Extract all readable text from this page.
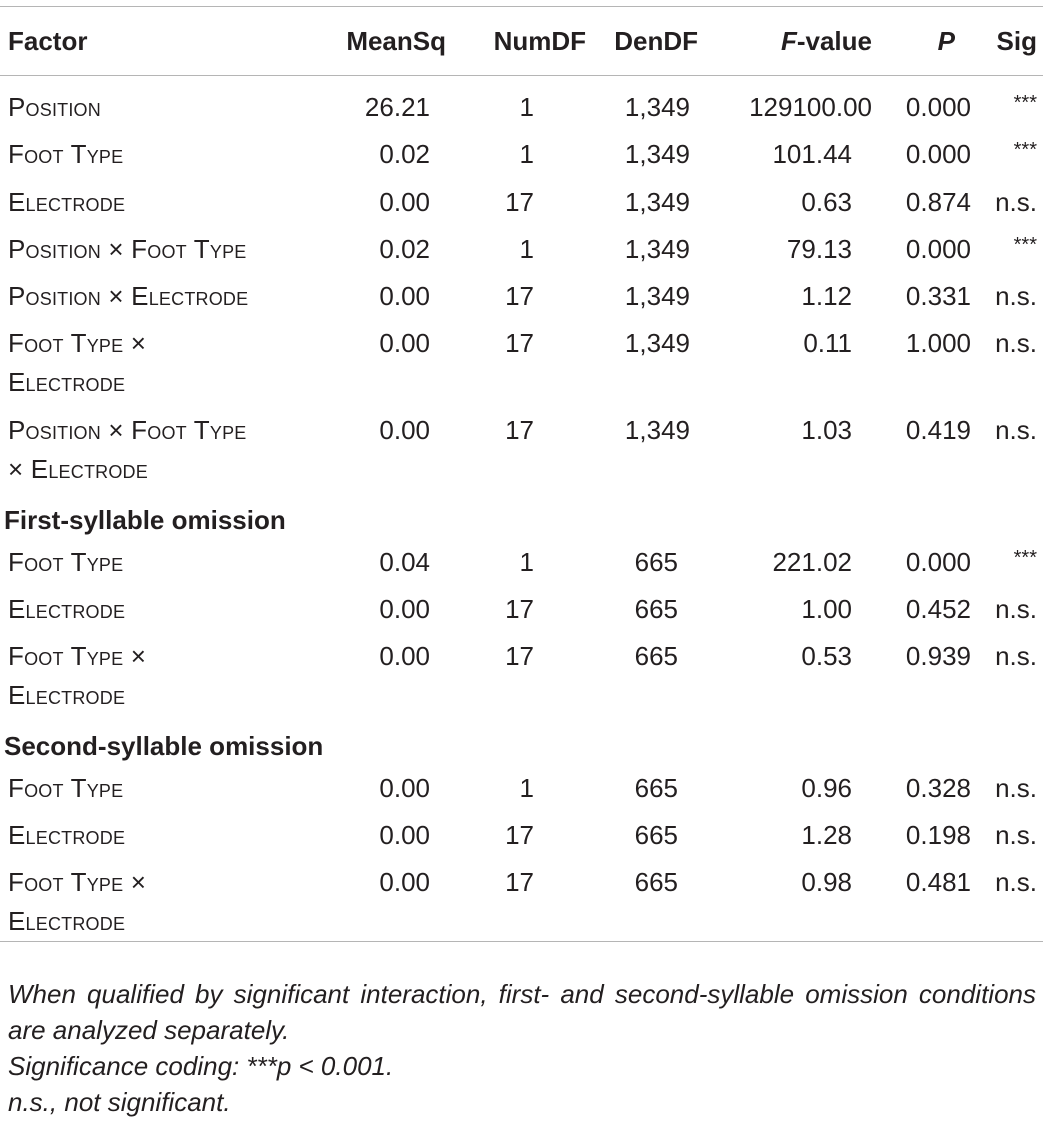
Factor	MeanSq	NumDF	DenDF	F-value	P	Sig
Position	26.21	1	1,349	129100.00	0.000	***
Foot Type	0.02	1	1,349	101.44	0.000	***
Electrode	0.00	17	1,349	0.63	0.874	n.s.
Position × Foot Type	0.02	1	1,349	79.13	0.000	***
Position × Electrode	0.00	17	1,349	1.12	0.331	n.s.
Foot Type × Electrode	0.00	17	1,349	0.11	1.000	n.s.
Position × Foot Type × Electrode	0.00	17	1,349	1.03	0.419	n.s.
First-syllable omission						
Foot Type	0.04	1	665	221.02	0.000	***
Electrode	0.00	17	665	1.00	0.452	n.s.
Foot Type × Electrode	0.00	17	665	0.53	0.939	n.s.
Second-syllable omission						
Foot Type	0.00	1	665	0.96	0.328	n.s.
Electrode	0.00	17	665	1.28	0.198	n.s.
Foot Type × Electrode	0.00	17	665	0.98	0.481	n.s.

When qualified by significant interaction, first- and second-syllable omission conditions are analyzed separately.

Significance coding: ***p < 0.001.

n.s., not significant.
